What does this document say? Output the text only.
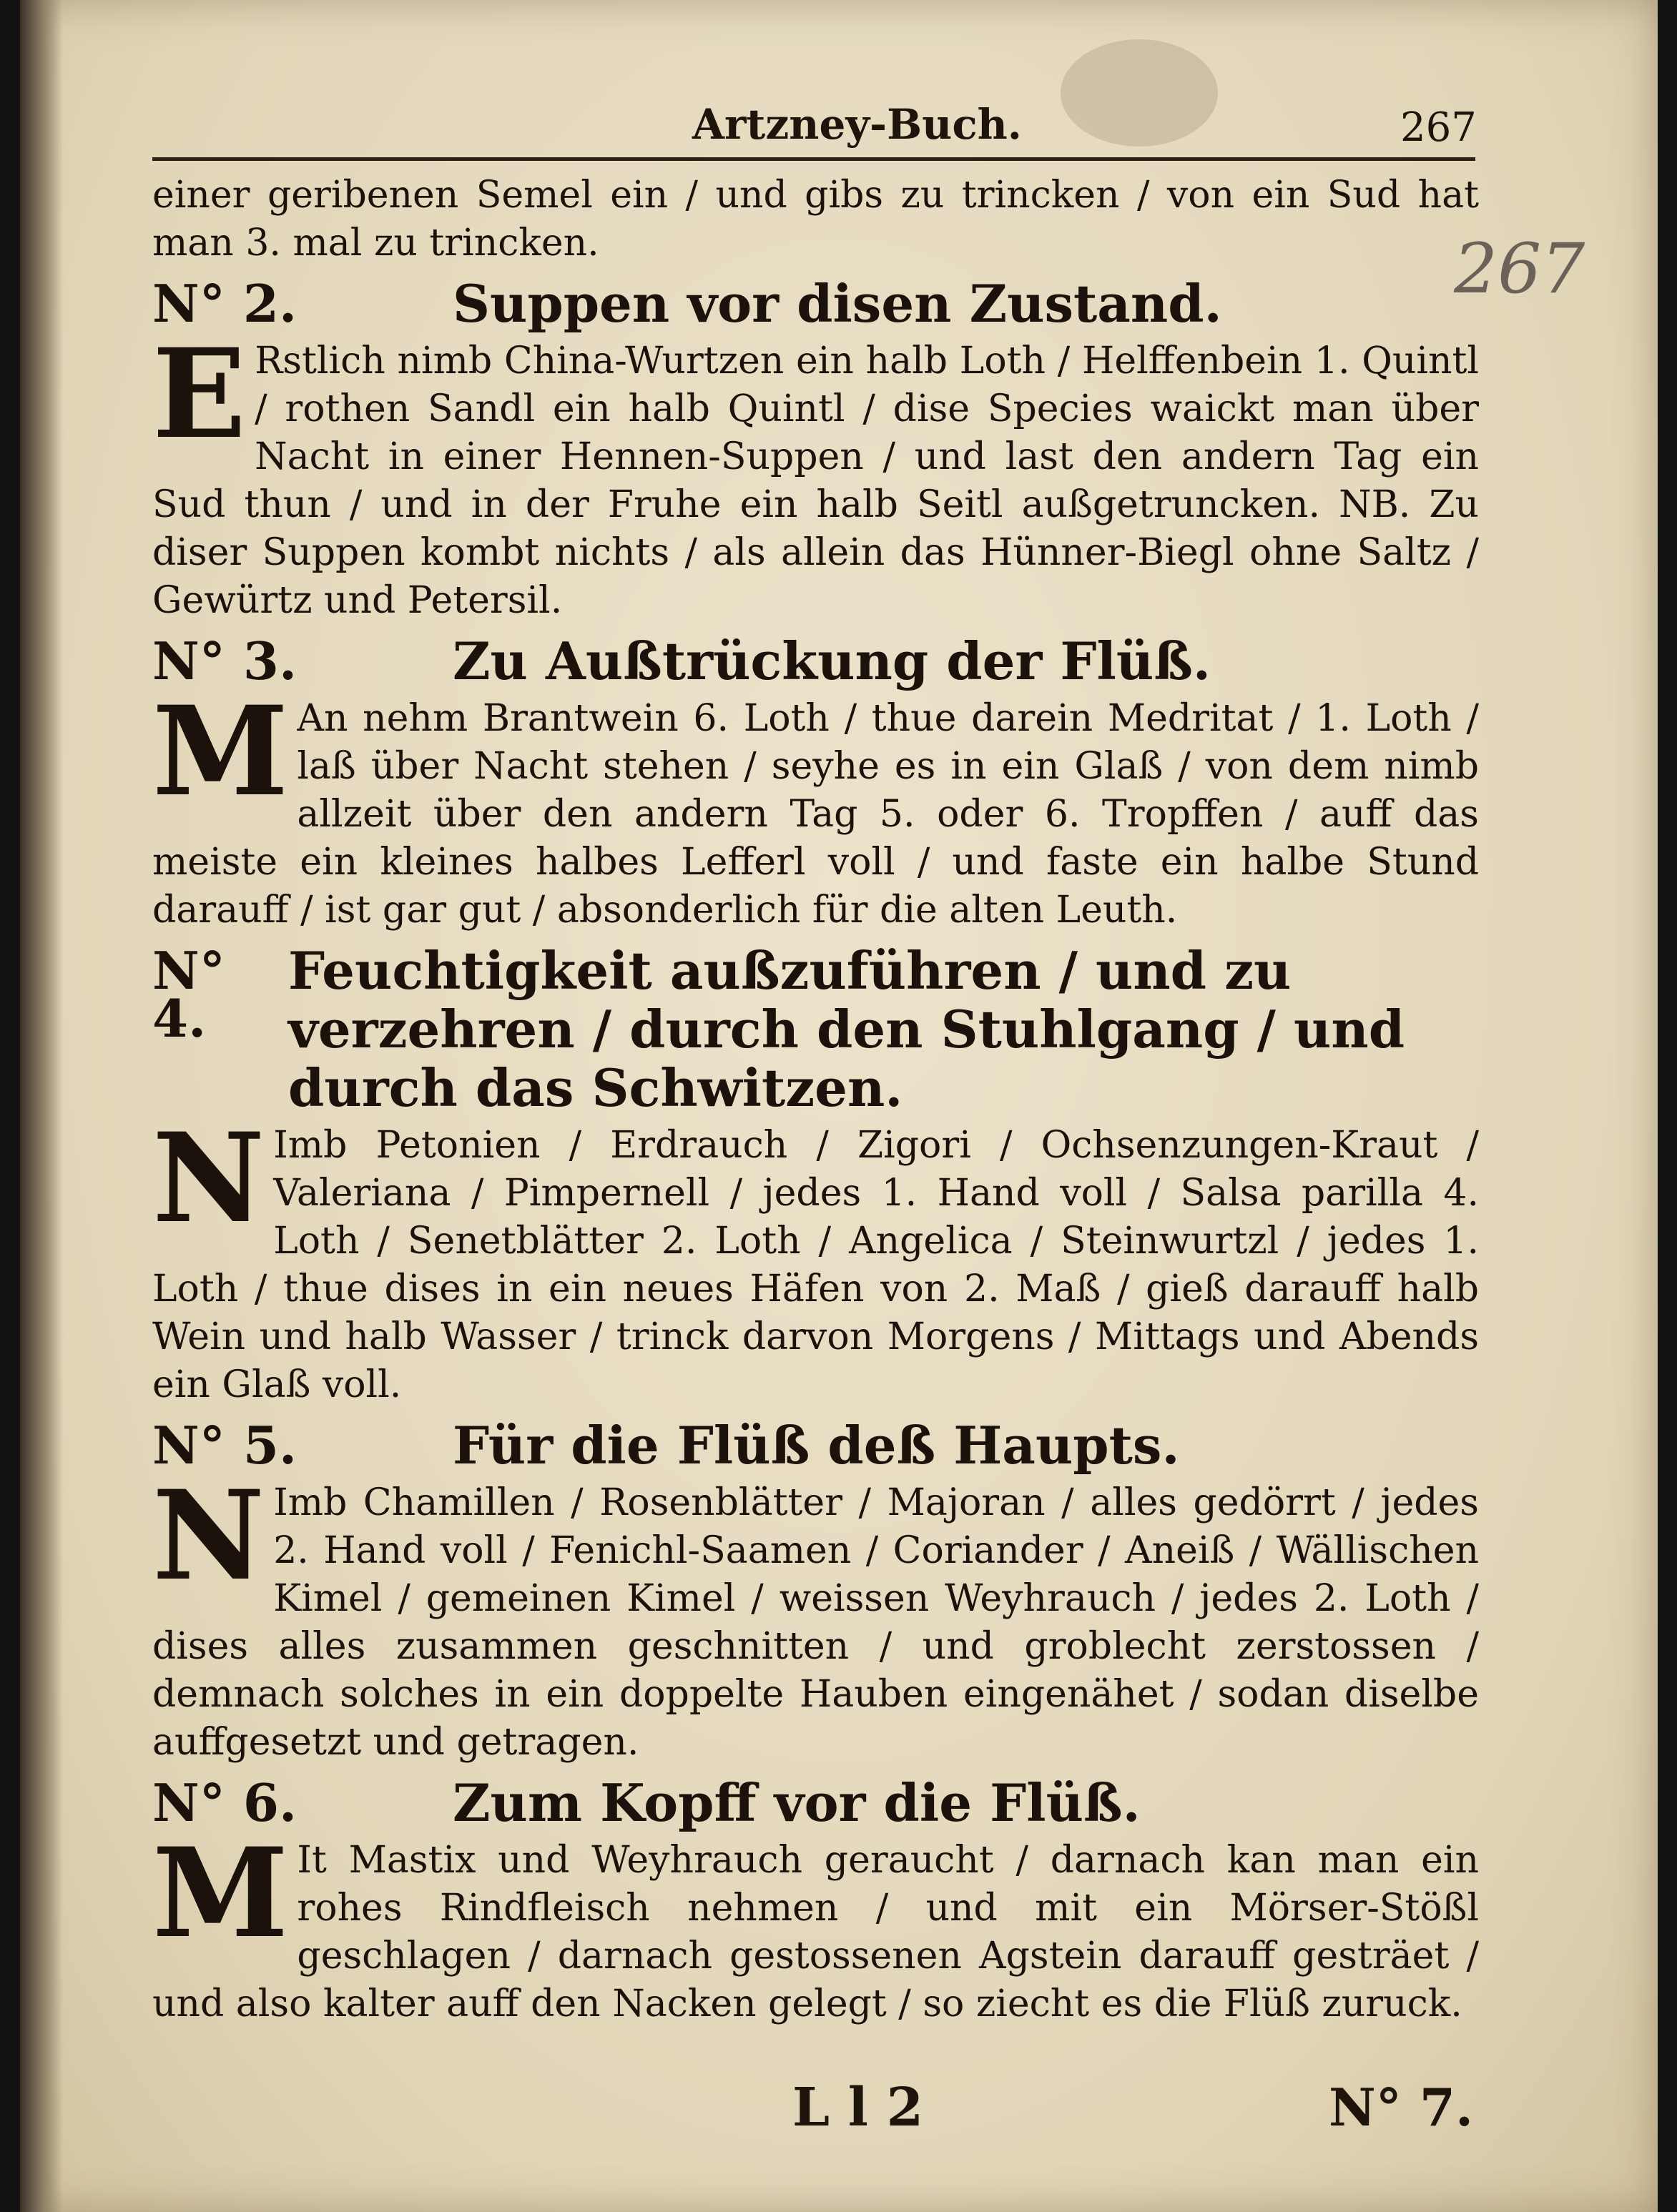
Artzney-Buch.	267
267

einer geribenen Semel ein / und gibs zu trincken / von ein Sud hat man 3. mal zu trincken.

N° 2.	Suppen vor disen Zustand.

E Rstlich nimb China-Wurtzen ein halb Loth / Helffenbein 1. Quintl / rothen Sandl ein halb Quintl / dise Species waickt man über Nacht in einer Hennen-Suppen / und last den andern Tag ein Sud thun / und in der Fruhe ein halb Seitl außgetruncken. NB. Zu diser Suppen kombt nichts / als allein das Hünner-Biegl ohne Saltz / Gewürtz und Petersil.

N° 3.	Zu Außtrückung der Flüß.

M An nehm Brantwein 6. Loth / thue darein Medritat / 1. Loth / laß über Nacht stehen / seyhe es in ein Glaß / von dem nimb allzeit über den andern Tag 5. oder 6. Tropffen / auff das meiste ein kleines halbes Lefferl voll / und faste ein halbe Stund darauff / ist gar gut / absonderlich für die alten Leuth.

N° 4.
Feuchtigkeit außzuführen / und zu verzehren / durch den Stuhlgang / und durch das Schwitzen.

N Imb Petonien / Erdrauch / Zigori / Ochsenzungen-Kraut / Valeriana / Pimpernell / jedes 1. Hand voll / Salsa parilla 4. Loth / Senetblätter 2. Loth / Angelica / Steinwurtzl / jedes 1. Loth / thue dises in ein neues Häfen von 2. Maß / gieß darauff halb Wein und halb Wasser / trinck darvon Morgens / Mittags und Abends ein Glaß voll.

N° 5.	Für die Flüß deß Haupts.

N Imb Chamillen / Rosenblätter / Majoran / alles gedörrt / jedes 2. Hand voll / Fenichl-Saamen / Coriander / Aneiß / Wällischen Kimel / gemeinen Kimel / weissen Weyhrauch / jedes 2. Loth / dises alles zusammen geschnitten / und groblecht zerstossen / demnach solches in ein doppelte Hauben eingenähet / sodan diselbe auffgesetzt und getragen.

N° 6.	Zum Kopff vor die Flüß.

M It Mastix und Weyhrauch geraucht / darnach kan man ein rohes Rindfleisch nehmen / und mit ein Mörser-Stößl geschlagen / darnach gestossenen Agstein darauff gesträet / und also kalter auff den Nacken gelegt / so ziecht es die Flüß zuruck.

L l 2	N° 7.
